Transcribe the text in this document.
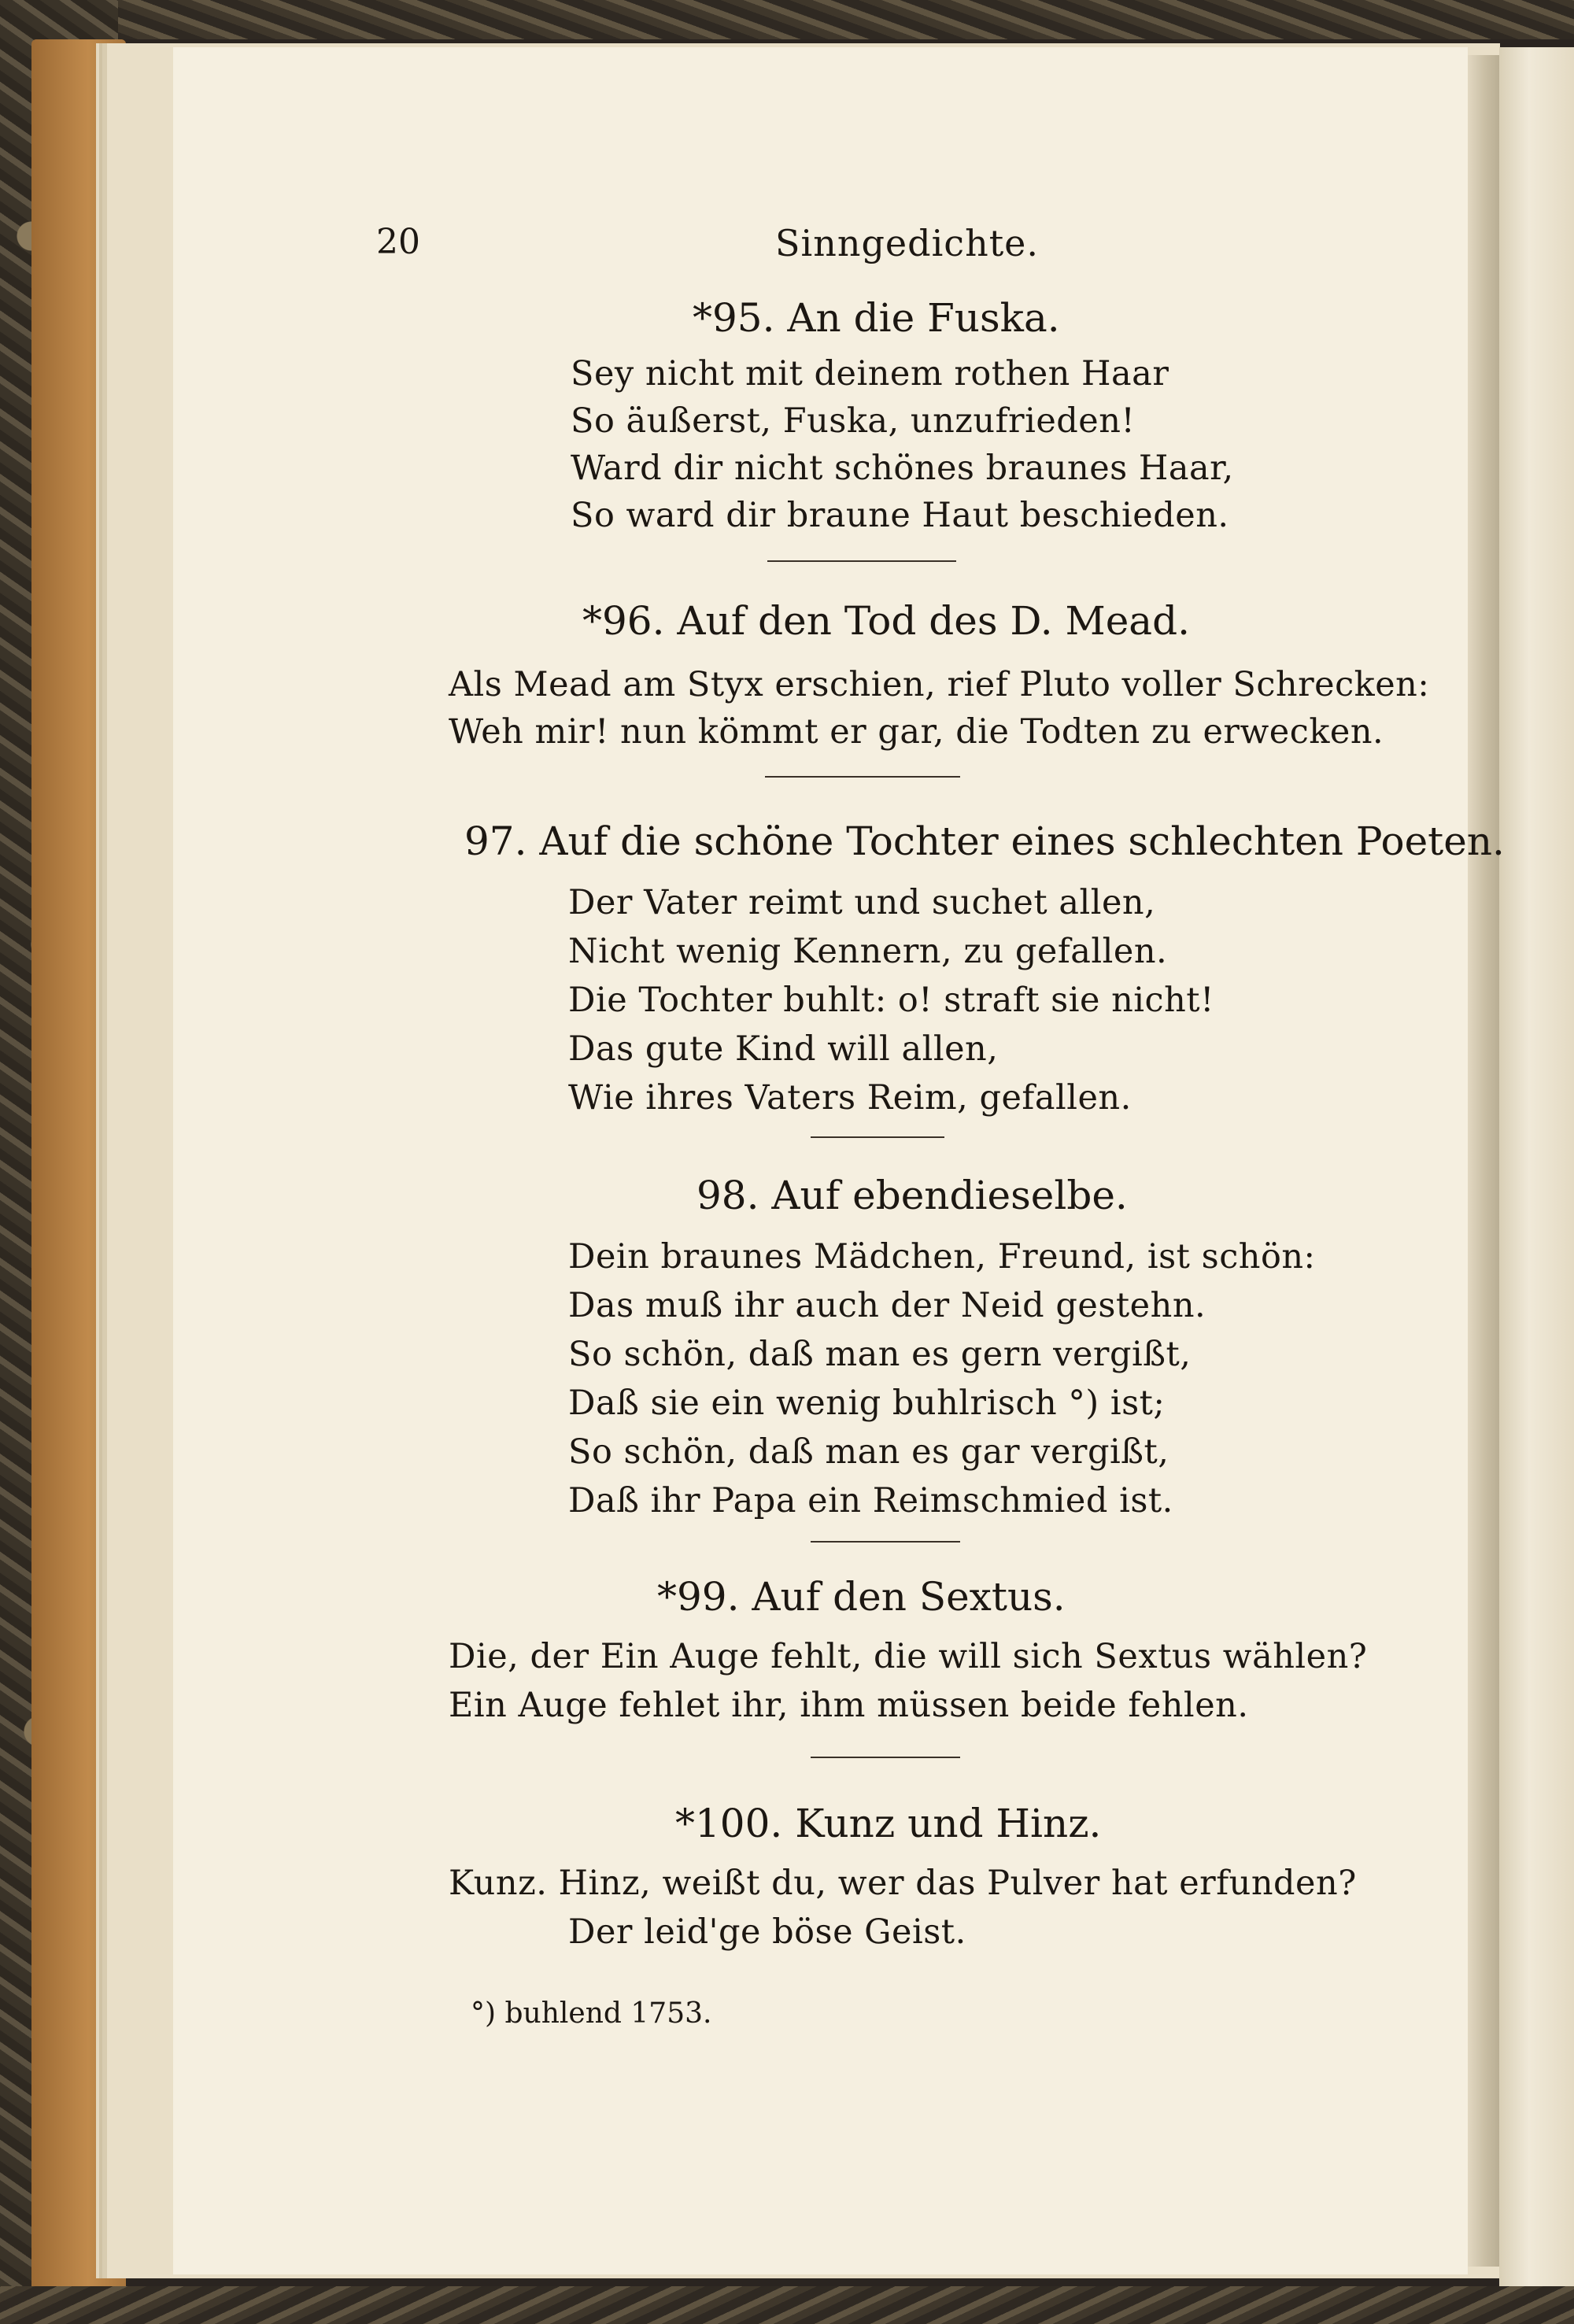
20	Sinngedichte.
*95. An die Fuska.
Sey nicht mit deinem rothen Haar
So äußerst, Fuska, unzufrieden!
Ward dir nicht schönes braunes Haar,
So ward dir braune Haut beschieden.
*96. Auf den Tod des D. Mead.
Als Mead am Styx erschien, rief Pluto voller Schrecken:
Weh mir! nun kömmt er gar, die Todten zu erwecken.
97. Auf die schöne Tochter eines schlechten Poeten.
Der Vater reimt und suchet allen,
Nicht wenig Kennern, zu gefallen.
Die Tochter buhlt: o! straft sie nicht!
Das gute Kind will allen,
Wie ihres Vaters Reim, gefallen.
98. Auf ebendieselbe.
Dein braunes Mädchen, Freund, ist schön:
Das muß ihr auch der Neid gestehn.
So schön, daß man es gern vergißt,
Daß sie ein wenig buhlrisch °) ist;
So schön, daß man es gar vergißt,
Daß ihr Papa ein Reimschmied ist.
*99. Auf den Sextus.
Die, der Ein Auge fehlt, die will sich Sextus wählen?
Ein Auge fehlet ihr, ihm müssen beide fehlen.
*100. Kunz und Hinz.
Kunz. Hinz, weißt du, wer das Pulver hat erfunden?
Der leid'ge böse Geist.
°) buhlend 1753.
